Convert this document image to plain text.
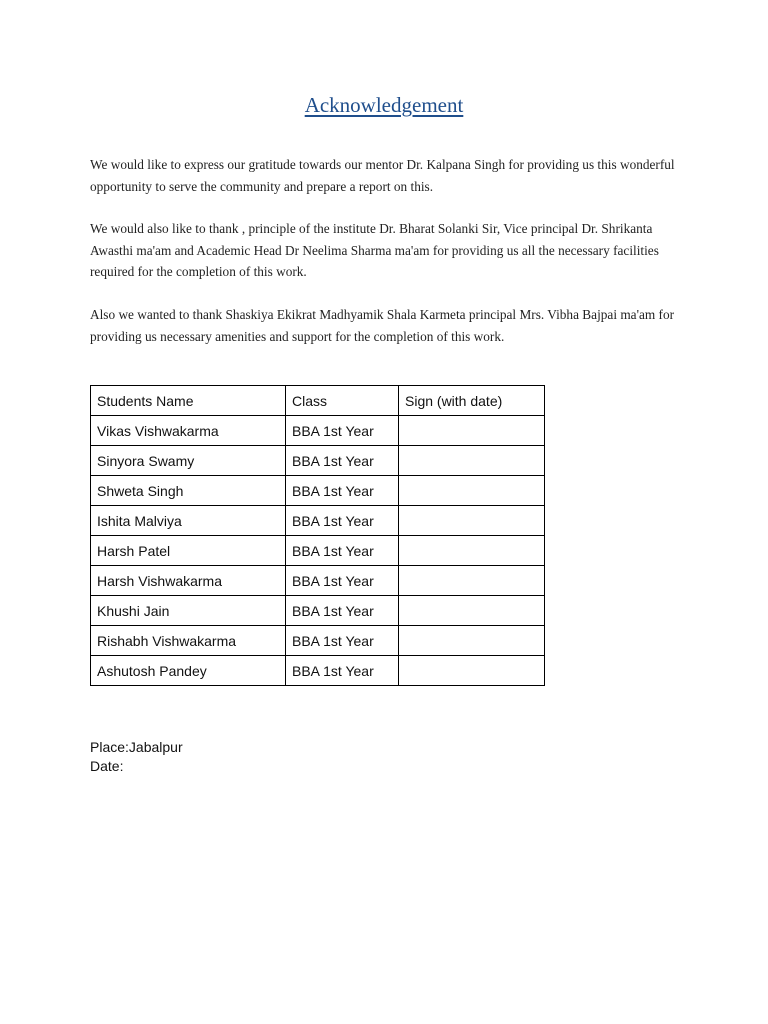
Acknowledgement

We would like to express our gratitude towards our mentor Dr. Kalpana Singh for providing us this wonderful opportunity to serve the community and prepare a report on this.

We would also like to thank , principle of the institute Dr. Bharat Solanki Sir, Vice principal Dr. Shrikanta Awasthi ma'am and Academic Head Dr Neelima Sharma ma'am for providing us all the necessary facilities required for the completion of this work.

Also we wanted to thank Shaskiya Ekikrat Madhyamik Shala Karmeta principal Mrs. Vibha Bajpai ma'am for providing us necessary amenities and support for the completion of this work.

Students Name	Class	Sign (with date)
Vikas Vishwakarma	BBA 1st Year	
Sinyora Swamy	BBA 1st Year	
Shweta Singh	BBA 1st Year	
Ishita Malviya	BBA 1st Year	
Harsh Patel	BBA 1st Year	
Harsh Vishwakarma	BBA 1st Year	
Khushi Jain	BBA 1st Year	
Rishabh Vishwakarma	BBA 1st Year	
Ashutosh Pandey	BBA 1st Year	
Place:Jabalpur
Date:
